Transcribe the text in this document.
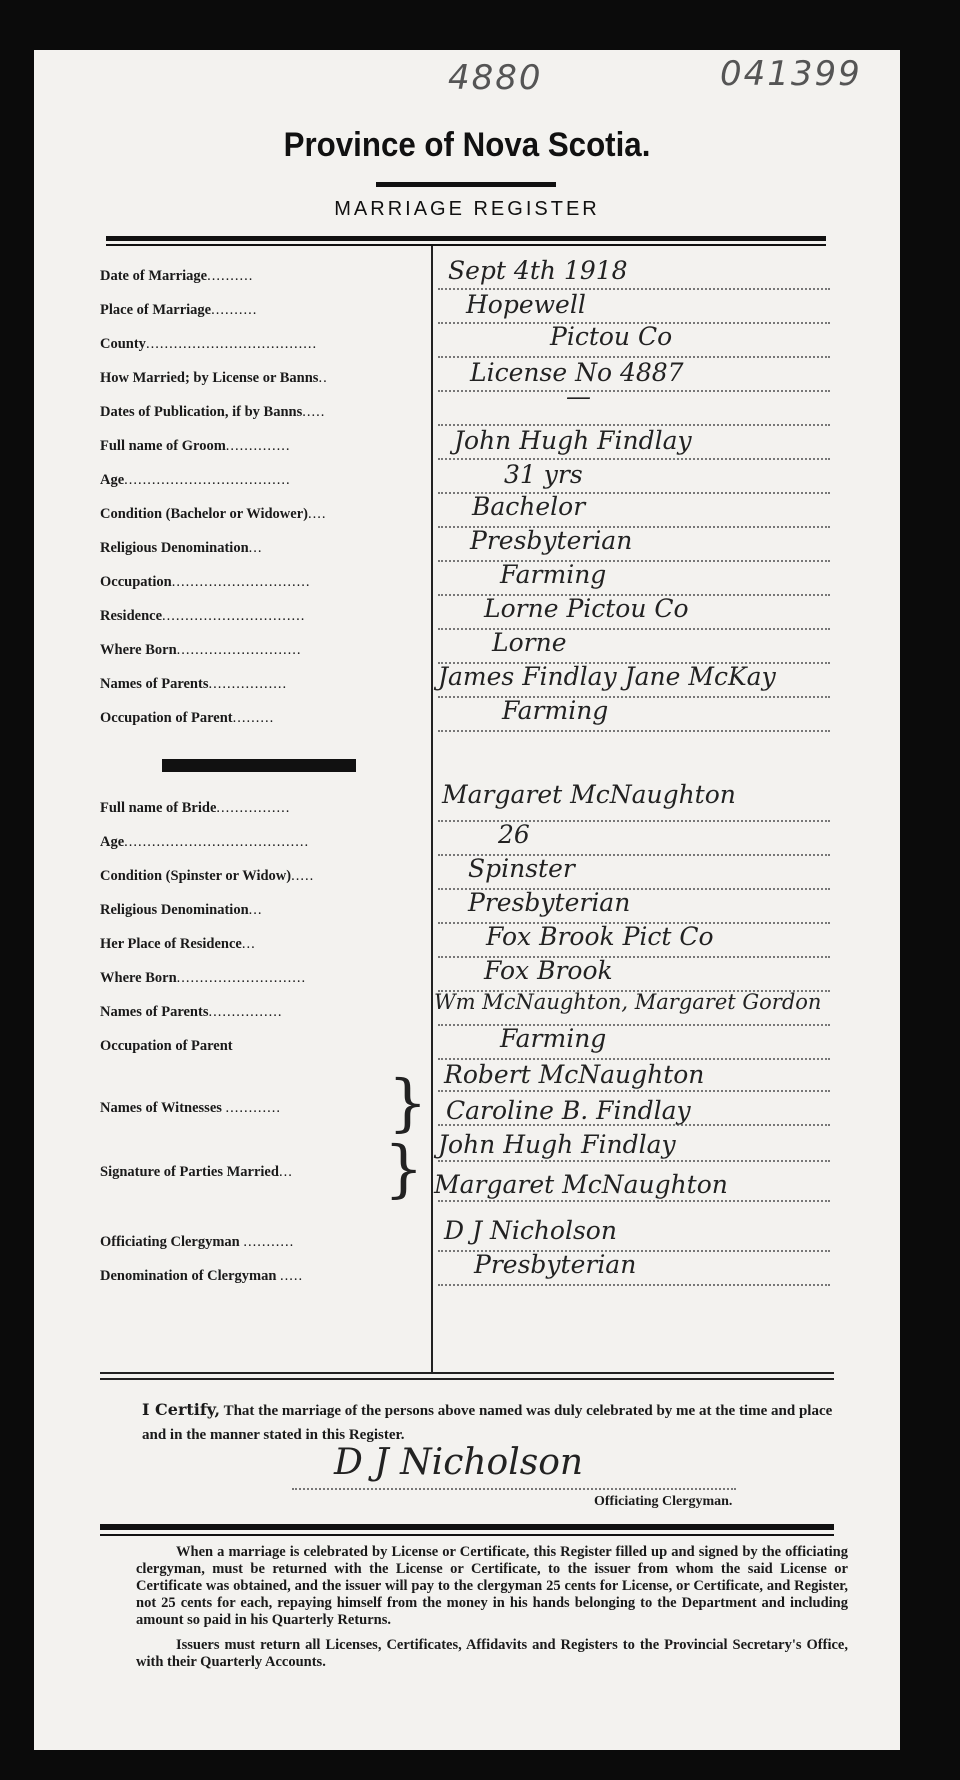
4880	041399
Province of Nova Scotia.
MARRIAGE REGISTER
Date of Marriage..........	Sept 4th 1918
Place of Marriage..........	Hopewell
County.....................................	Pictou Co
How Married; by License or Banns..	License No 4887
Dates of Publication, if by Banns.....
—
Full name of Groom..............	John Hugh Findlay
Age....................................	31 yrs
Condition (Bachelor or Widower)....	Bachelor
Religious Denomination...	Presbyterian
Occupation..............................	Farming
Residence...............................	Lorne Pictou Co
Where Born...........................	Lorne
Names of Parents.................	James Findlay Jane McKay
Occupation of Parent.........	Farming
Full name of Bride................	Margaret McNaughton
Age........................................	26
Condition (Spinster or Widow).....	Spinster
Religious Denomination...	Presbyterian
Her Place of Residence...	Fox Brook Pict Co
Where Born............................	Fox Brook
Names of Parents................	Wm McNaughton, Margaret Gordon
Occupation of Parent	Farming
Names of Witnesses ............	} Robert McNaughton
Caroline B. Findlay
Signature of Parties Married...	} John Hugh Findlay
Margaret McNaughton
Officiating Clergyman ...........	D J Nicholson
Denomination of Clergyman .....	Presbyterian
I Certify, That the marriage of the persons above named was duly celebrated by me at the time and place and in the manner stated in this Register.
D J Nicholson
Officiating Clergyman.

When a marriage is celebrated by License or Certificate, this Register filled up and signed by the officiating clergyman, must be returned with the License or Certificate, to the issuer from whom the said License or Certificate was obtained, and the issuer will pay to the clergyman 25 cents for License, or Certificate, and Register, not 25 cents for each, repaying himself from the money in his hands belonging to the Department and including amount so paid in his Quarterly Returns.

Issuers must return all Licenses, Certificates, Affidavits and Registers to the Provincial Secretary's Office, with their Quarterly Accounts.
